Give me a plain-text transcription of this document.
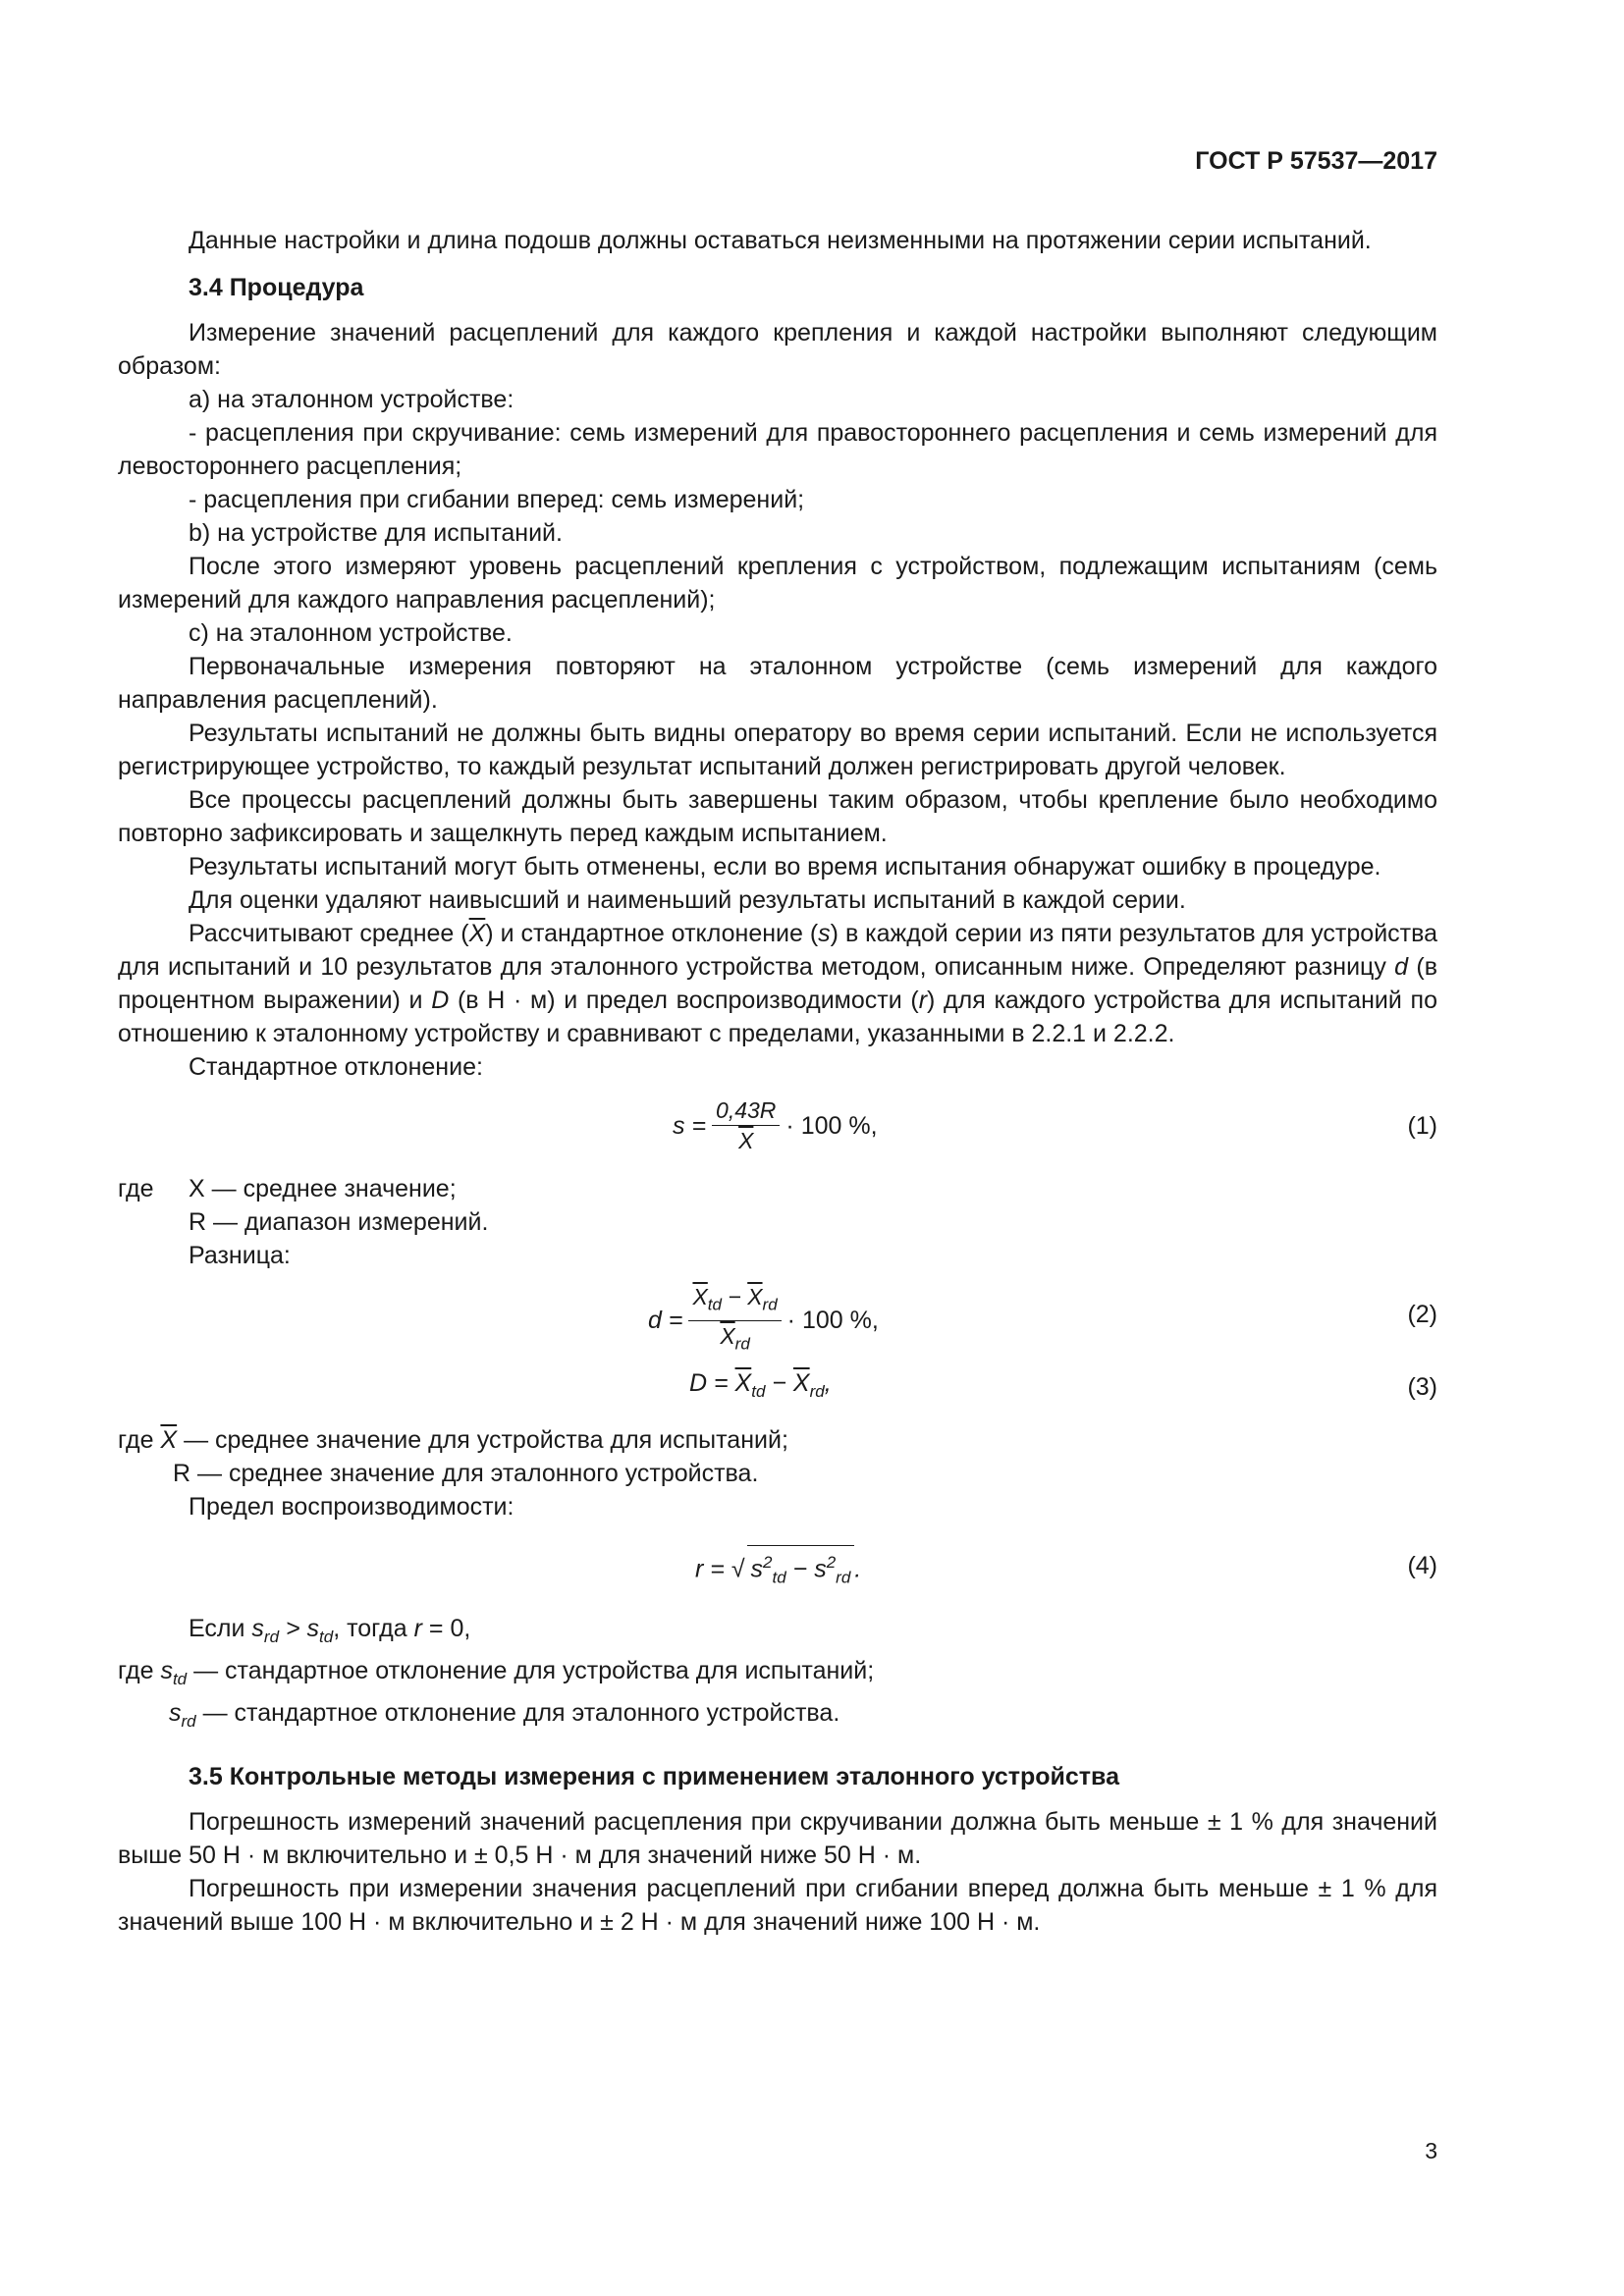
ГОСТ Р 57537—2017

Данные настройки и длина подошв должны оставаться неизменными на протяжении серии испытаний.

3.4 Процедура

Измерение значений расцеплений для каждого крепления и каждой настройки выполняют следующим образом:

a) на эталонном устройстве:

- расцепления при скручивание: семь измерений для правостороннего расцепления и семь измерений для левостороннего расцепления;

- расцепления при сгибании вперед: семь измерений;

b) на устройстве для испытаний.

После этого измеряют уровень расцеплений крепления с устройством, подлежащим испытаниям (семь измерений для каждого направления расцеплений);

c) на эталонном устройстве.

Первоначальные измерения повторяют на эталонном устройстве (семь измерений для каждого направления расцеплений).

Результаты испытаний не должны быть видны оператору во время серии испытаний. Если не используется регистрирующее устройство, то каждый результат испытаний должен регистрировать другой человек.

Все процессы расцеплений должны быть завершены таким образом, чтобы крепление было необходимо повторно зафиксировать и защелкнуть перед каждым испытанием.

Результаты испытаний могут быть отменены, если во время испытания обнаружат ошибку в процедуре.

Для оценки удаляют наивысший и наименьший результаты испытаний в каждой серии.

Рассчитывают среднее $(\overline{X})$ и стандартное отклонение (s) в каждой серии из пяти результатов для устройства для испытаний и 10 результатов для эталонного устройства методом, описанным ниже. Определяют разницу d (в процентном выражении) и D (в Н · м) и предел воспроизводимости (r) для каждого устройства для испытаний по отношению к эталонному устройству и сравнивают с пределами, указанными в 2.2.1 и 2.2.2.

Стандартное отклонение:

$s = \frac{0,43R}{X} \cdot 100$ %,	(1)
где	X — среднее значение;
R — диапазон измерений.

Разница:

$d = \frac{\overline{X}_{td} - \overline{X}_{rd}}{\overline{X}_{rd}} \cdot 100$ %,	(2)
$D = \overline{X}_{td} - \overline{X}_{rd}$,	(3)

где $\overline{X}$ — среднее значение для устройства для испытаний;

R — среднее значение для эталонного устройства.

Предел воспроизводимости:

r = √ $s^2_{td} - s^2_{rd}$ .	(4)

Если $s_{rd} > s_{td}$, тогда r = 0,

где $s_{td}$ — стандартное отклонение для устройства для испытаний;

$s_{rd}$ — стандартное отклонение для эталонного устройства.

3.5 Контрольные методы измерения с применением эталонного устройства

Погрешность измерений значений расцепления при скручивании должна быть меньше ± 1 % для значений выше 50 Н · м включительно и ± 0,5 Н · м для значений ниже 50 Н · м.

Погрешность при измерении значения расцеплений при сгибании вперед должна быть меньше ± 1 % для значений выше 100 Н · м включительно и ± 2 Н · м для значений ниже 100 Н · м.

3
